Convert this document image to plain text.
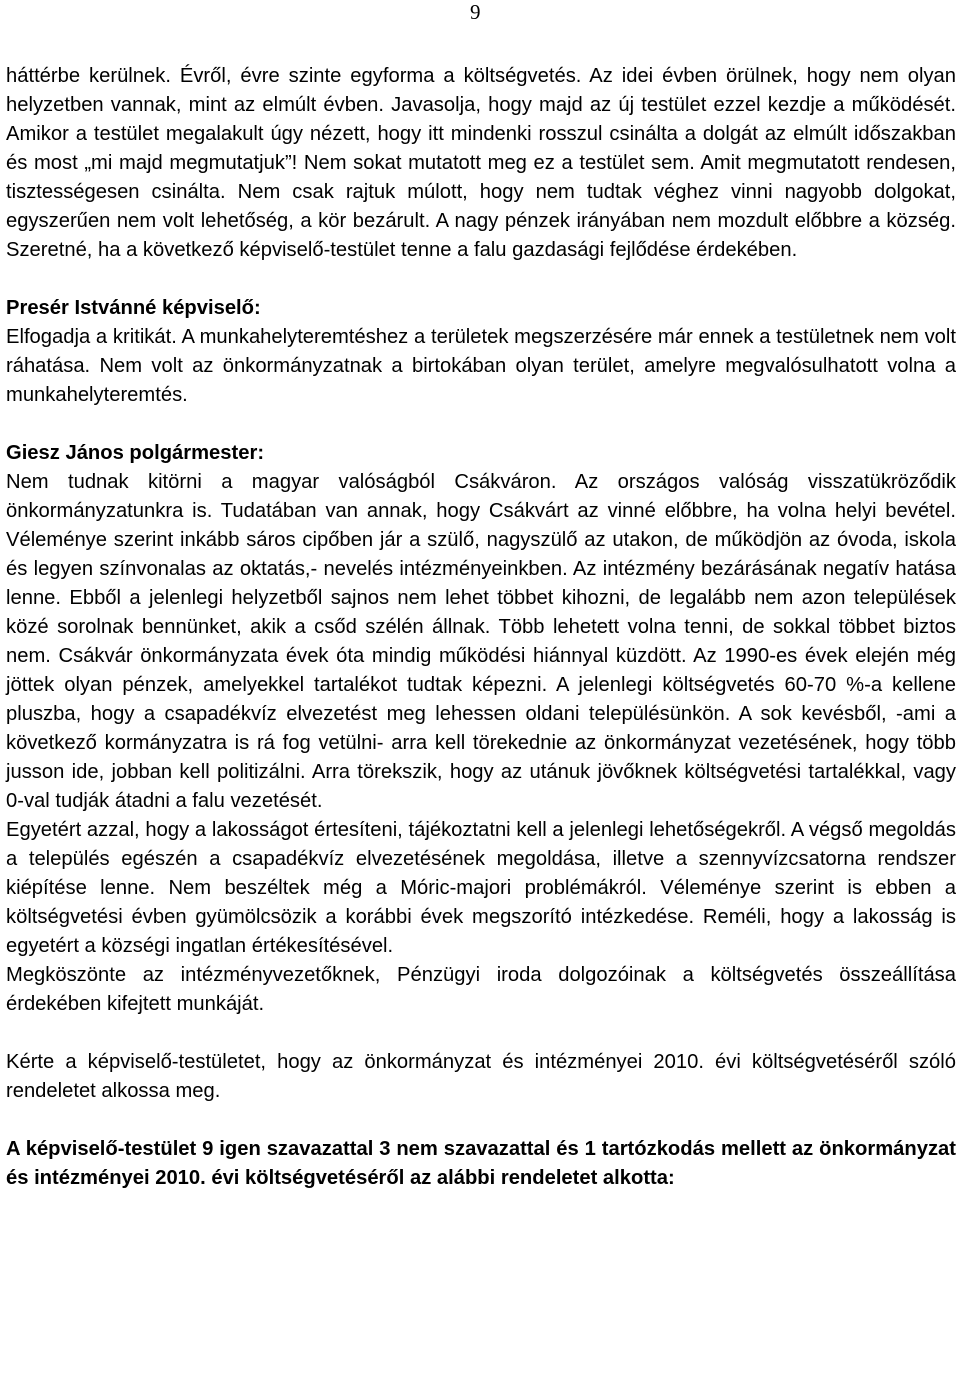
9

háttérbe kerülnek. Évről, évre szinte egyforma a költségvetés. Az idei évben örülnek, hogy nem olyan helyzetben vannak, mint az elmúlt évben. Javasolja, hogy majd az új testület ezzel kezdje a működését. Amikor a testület megalakult úgy nézett, hogy itt mindenki rosszul csinálta a dolgát az elmúlt időszakban és most „mi majd megmutatjuk”! Nem sokat mutatott meg ez a testület sem. Amit megmutatott rendesen, tisztességesen csinálta. Nem csak rajtuk múlott, hogy nem tudtak véghez vinni nagyobb dolgokat, egyszerűen nem volt lehetőség, a kör bezárult. A nagy pénzek irányában nem mozdult előbbre a község. Szeretné, ha a következő képviselő-testület tenne a falu gazdasági fejlődése érdekében.

Presér Istvánné képviselő:

Elfogadja a kritikát. A munkahelyteremtéshez a területek megszerzésére már ennek a testületnek nem volt ráhatása. Nem volt az önkormányzatnak a birtokában olyan terület, amelyre megvalósulhatott volna a munkahelyteremtés.

Giesz János polgármester:

Nem tudnak kitörni a magyar valóságból Csákváron. Az országos valóság visszatükröződik önkormányzatunkra is. Tudatában van annak, hogy Csákvárt az vinné előbbre, ha volna helyi bevétel. Véleménye szerint inkább sáros cipőben jár a szülő, nagyszülő az utakon, de működjön az óvoda, iskola és legyen színvonalas az oktatás,- nevelés intézményeinkben. Az intézmény bezárásának negatív hatása lenne. Ebből a jelenlegi helyzetből sajnos nem lehet többet kihozni, de legalább nem azon települések közé sorolnak bennünket, akik a csőd szélén állnak. Több lehetett volna tenni, de sokkal többet biztos nem. Csákvár önkormányzata évek óta mindig működési hiánnyal küzdött. Az 1990-es évek elején még jöttek olyan pénzek, amelyekkel tartalékot tudtak képezni. A jelenlegi költségvetés 60-70 %-a kellene pluszba, hogy a csapadékvíz elvezetést meg lehessen oldani településünkön. A sok kevésből, -ami a következő kormányzatra is rá fog vetülni- arra kell törekednie az önkormányzat vezetésének, hogy több jusson ide, jobban kell politizálni. Arra törekszik, hogy az utánuk jövőknek költségvetési tartalékkal, vagy 0-val tudják átadni a falu vezetését.

Egyetért azzal, hogy a lakosságot értesíteni, tájékoztatni kell a jelenlegi lehetőségekről. A végső megoldás a település egészén a csapadékvíz elvezetésének megoldása, illetve a szennyvízcsatorna rendszer kiépítése lenne. Nem beszéltek még a Móric-majori problémákról. Véleménye szerint is ebben a költségvetési évben gyümölcsözik a korábbi évek megszorító intézkedése. Reméli, hogy a lakosság is egyetért a községi ingatlan értékesítésével.

Megköszönte az intézményvezetőknek, Pénzügyi iroda dolgozóinak a költségvetés összeállítása érdekében kifejtett munkáját.

Kérte a képviselő-testületet, hogy az önkormányzat és intézményei 2010. évi költségvetéséről szóló rendeletet alkossa meg.

A képviselő-testület 9 igen szavazattal 3 nem szavazattal és 1 tartózkodás mellett az önkormányzat és intézményei 2010. évi költségvetéséről az alábbi rendeletet alkotta:
